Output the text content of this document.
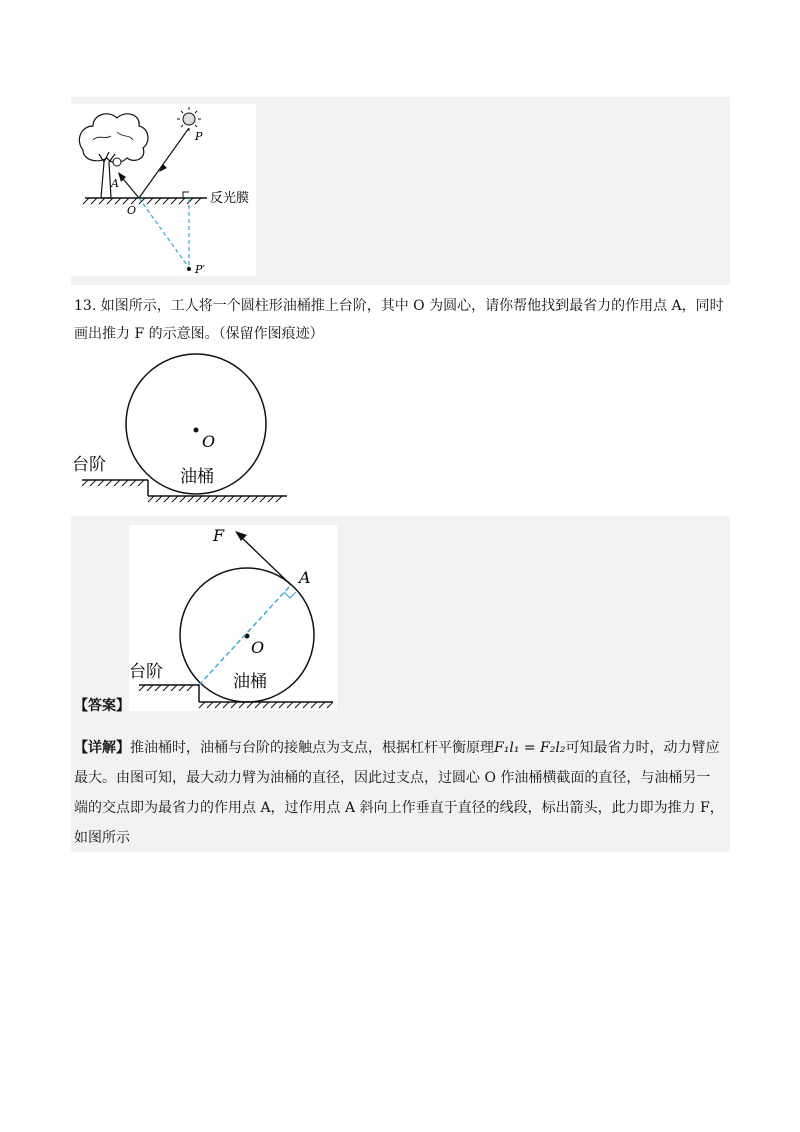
A
P
O
P′
反光膜
13. 如图所示，工人将一个圆柱形油桶推上台阶，其中 O 为圆心，请你帮他找到最省力的作用点 A，同时画出推力 F 的示意图。（保留作图痕迹）
O
台阶
油桶
O
F
A
台阶	油桶
【答案】
【详解】推油桶时，油桶与台阶的接触点为支点，根据杠杆平衡原理F₁l₁ = F₂l₂可知最省力时，动力臂应最大。由图可知，最大动力臂为油桶的直径，因此过支点，过圆心 O 作油桶横截面的直径，与油桶另一端的交点即为最省力的作用点 A，过作用点 A 斜向上作垂直于直径的线段，标出箭头，此力即为推力 F，如图所示
